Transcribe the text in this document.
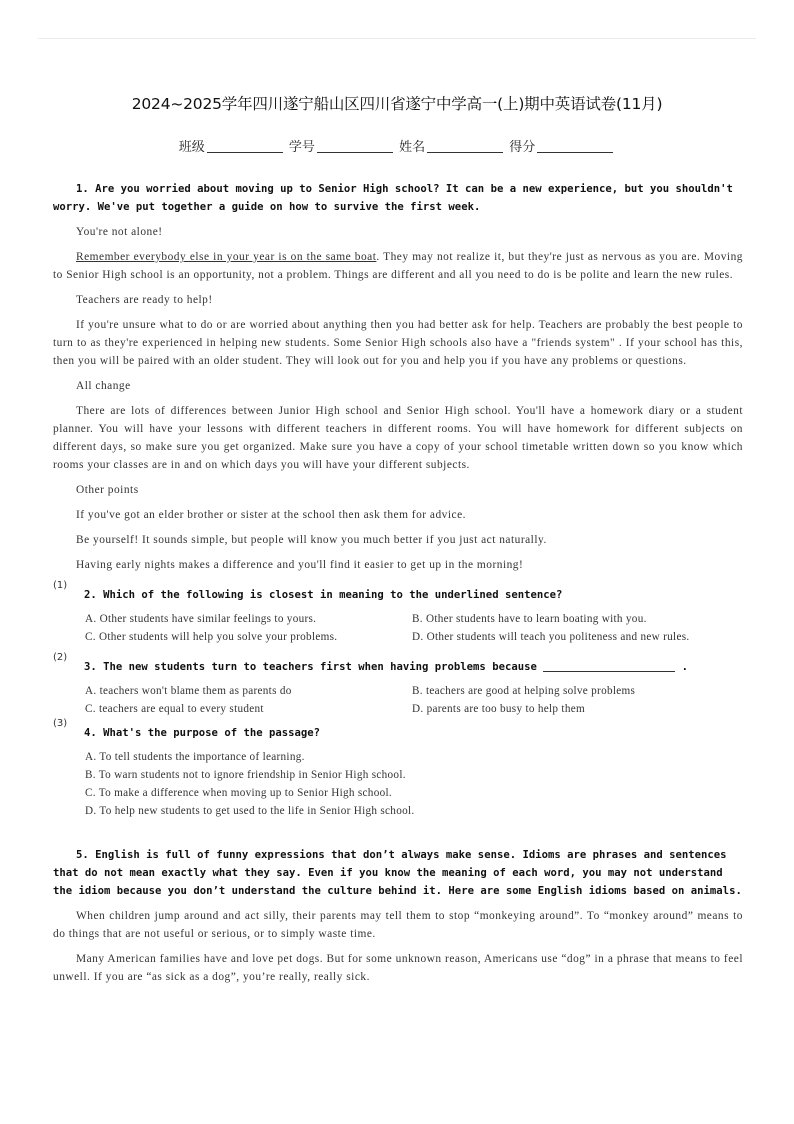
2024~2025学年四川遂宁船山区四川省遂宁中学高一(上)期中英语试卷(11月)
班级	学号	姓名	得分
1. Are you worried about moving up to Senior High school? It can be a new experience, but you shouldn't worry. We've put together a guide on how to survive the first week.
You're not alone!
Remember everybody else in your year is on the same boat. They may not realize it, but they're just as nervous as you are. Moving to Senior High school is an opportunity, not a problem. Things are different and all you need to do is be polite and learn the new rules.
Teachers are ready to help!
If you're unsure what to do or are worried about anything then you had better ask for help. Teachers are probably the best people to turn to as they're experienced in helping new students. Some Senior High schools also have a "friends system" . If your school has this, then you will be paired with an older student. They will look out for you and help you if you have any problems or questions.
All change
There are lots of differences between Junior High school and Senior High school. You'll have a homework diary or a student planner. You will have your lessons with different teachers in different rooms. You will have homework for different subjects on different days, so make sure you get organized. Make sure you have a copy of your school timetable written down so you know which rooms your classes are in and on which days you will have your different subjects.
Other points
If you've got an elder brother or sister at the school then ask them for advice.
Be yourself! It sounds simple, but people will know you much better if you just act naturally.
Having early nights makes a difference and you'll find it easier to get up in the morning!
(1)
2. Which of the following is closest in meaning to the underlined sentence?
A. Other students have similar feelings to yours.	B. Other students have to learn boating with you.
C. Other students will help you solve your problems.	D. Other students will teach you politeness and new rules.
(2)
3. The new students turn to teachers first when having problems because	.
A. teachers won't blame them as parents do	B. teachers are good at helping solve problems
C. teachers are equal to every student	D. parents are too busy to help them
(3)
4. What's the purpose of the passage?
A. To tell students the importance of learning.
B. To warn students not to ignore friendship in Senior High school.
C. To make a difference when moving up to Senior High school.
D. To help new students to get used to the life in Senior High school.
5. English is full of funny expressions that don’t always make sense. Idioms are phrases and sentences that do not mean exactly what they say. Even if you know the meaning of each word, you may not understand the idiom because you don’t understand the culture behind it. Here are some English idioms based on animals.
When children jump around and act silly, their parents may tell them to stop “monkeying around”. To “monkey around” means to do things that are not useful or serious, or to simply waste time.
Many American families have and love pet dogs. But for some unknown reason, Americans use “dog” in a phrase that means to feel unwell. If you are “as sick as a dog”, you’re really, really sick.
